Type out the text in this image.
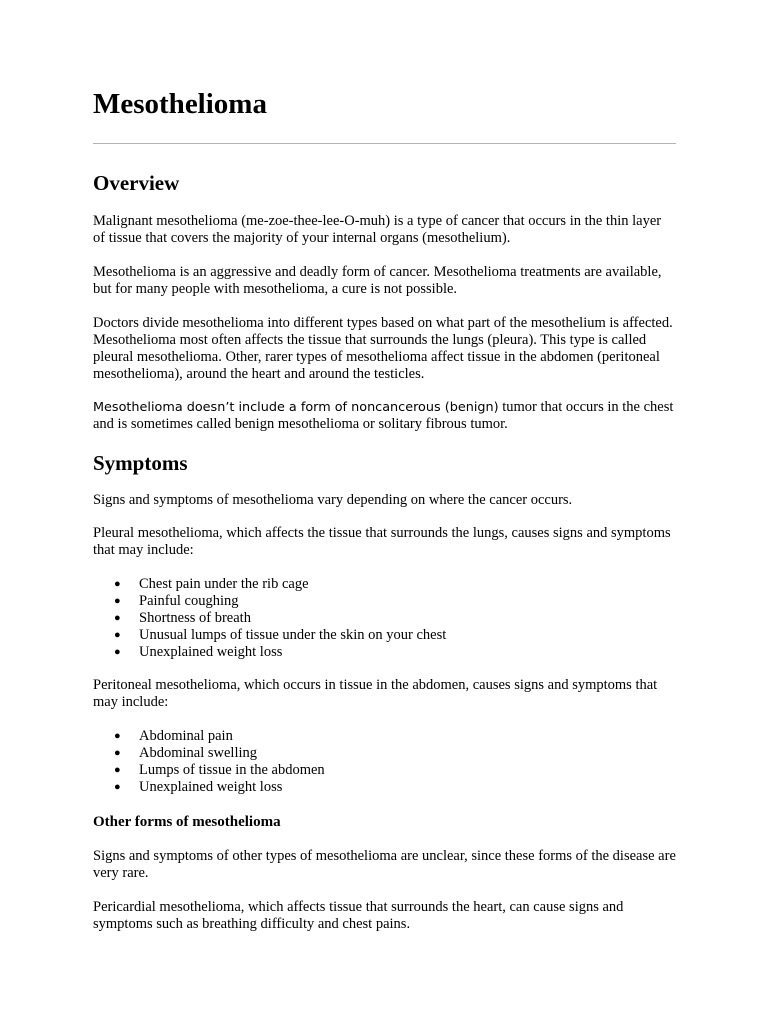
Mesothelioma
Overview

Malignant mesothelioma (me-zoe-thee-lee-O-muh) is a type of cancer that occurs in the thin layer of tissue that covers the majority of your internal organs (mesothelium).

Mesothelioma is an aggressive and deadly form of cancer. Mesothelioma treatments are available, but for many people with mesothelioma, a cure is not possible.

Doctors divide mesothelioma into different types based on what part of the mesothelium is affected. Mesothelioma most often affects the tissue that surrounds the lungs (pleura). This type is called pleural mesothelioma. Other, rarer types of mesothelioma affect tissue in the abdomen (peritoneal mesothelioma), around the heart and around the testicles.

Mesothelioma doesn’t include a form of noncancerous (benign) tumor that occurs in the chest and is sometimes called benign mesothelioma or solitary fibrous tumor.

Symptoms

Signs and symptoms of mesothelioma vary depending on where the cancer occurs.

Pleural mesothelioma, which affects the tissue that surrounds the lungs, causes signs and symptoms that may include:

● Chest pain under the rib cage
● Painful coughing
● Shortness of breath
● Unusual lumps of tissue under the skin on your chest
● Unexplained weight loss

Peritoneal mesothelioma, which occurs in tissue in the abdomen, causes signs and symptoms that may include:

● Abdominal pain
● Abdominal swelling
● Lumps of tissue in the abdomen
● Unexplained weight loss
Other forms of mesothelioma

Signs and symptoms of other types of mesothelioma are unclear, since these forms of the disease are very rare.

Pericardial mesothelioma, which affects tissue that surrounds the heart, can cause signs and symptoms such as breathing difficulty and chest pains.
